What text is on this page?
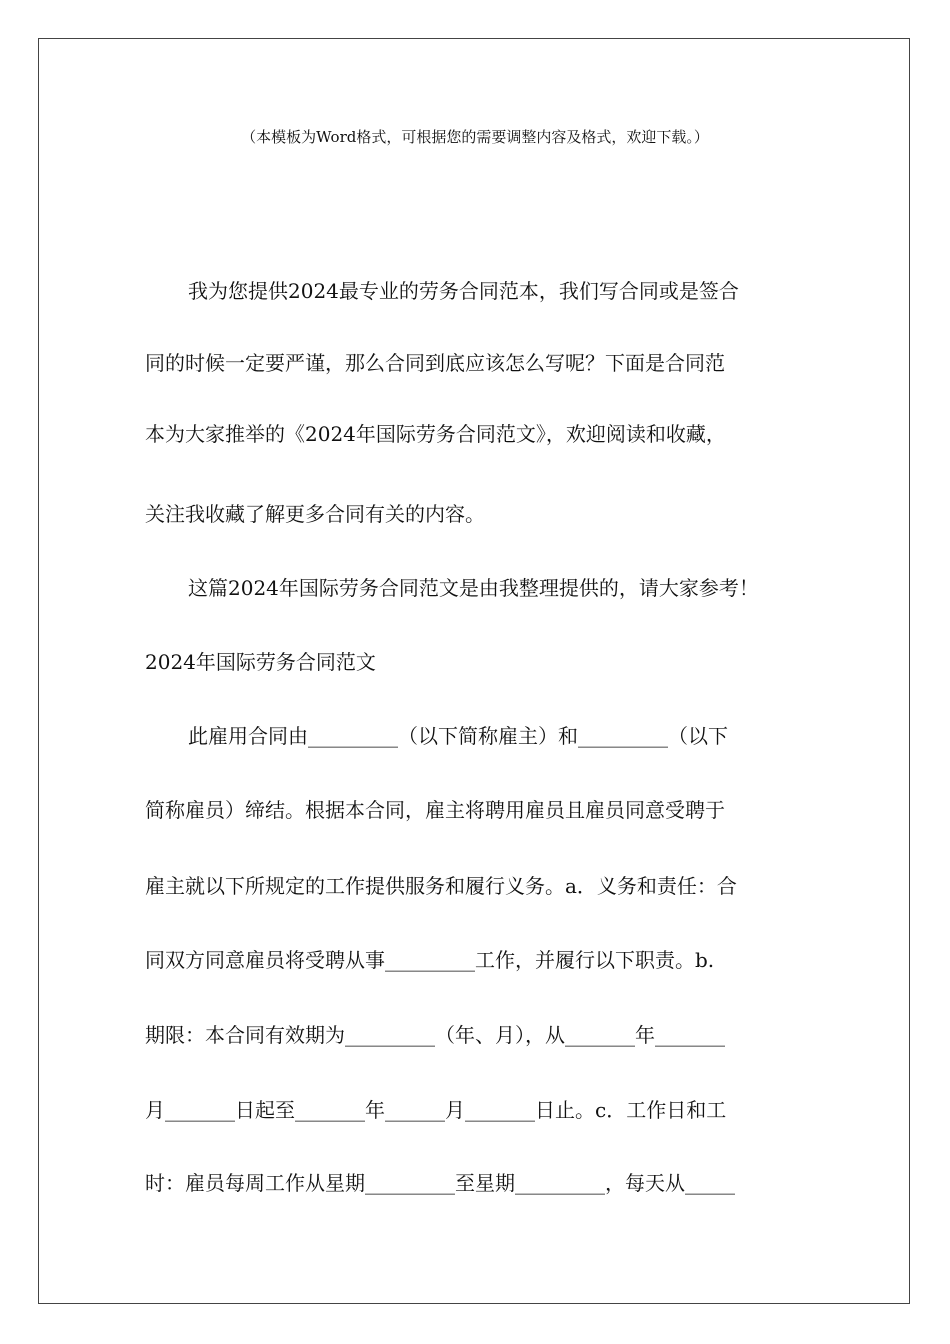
（本模板为Word格式，可根据您的需要调整内容及格式，欢迎下载。）
我为您提供2024最专业的劳务合同范本，我们写合同或是签合
同的时候一定要严谨，那么合同到底应该怎么写呢？下面是合同范
本为大家推举的《2024年国际劳务合同范文》，欢迎阅读和收藏，
关注我收藏了解更多合同有关的内容。
这篇2024年国际劳务合同范文是由我整理提供的，请大家参考！
2024年国际劳务合同范文
此雇用合同由_________（以下简称雇主）和_________（以下
简称雇员）缔结。根据本合同，雇主将聘用雇员且雇员同意受聘于
雇主就以下所规定的工作提供服务和履行义务。a．义务和责任：合
同双方同意雇员将受聘从事_________工作，并履行以下职责。b.
期限：本合同有效期为_________（年、月），从_______年_______
月_______日起至_______年______月_______日止。c．工作日和工
时：雇员每周工作从星期_________至星期_________，每天从_____
